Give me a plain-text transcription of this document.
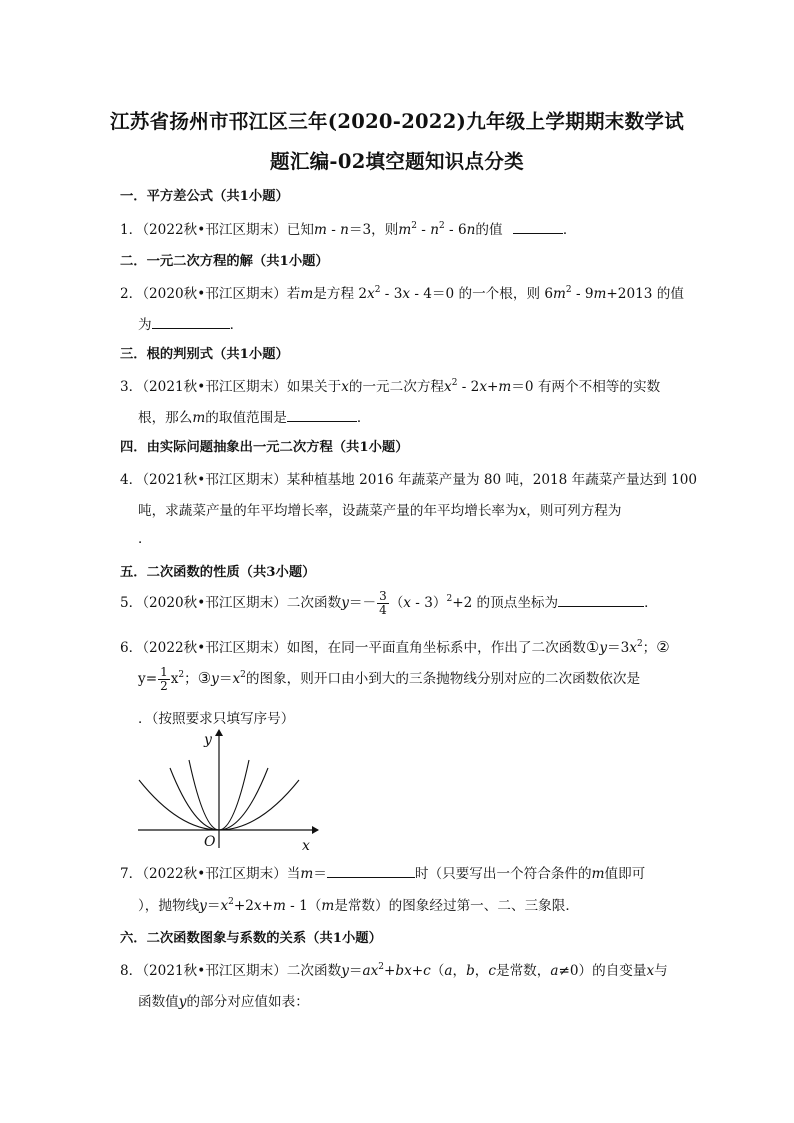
江苏省扬州市邗江区三年(2020-2022)九年级上学期期末数学试
题汇编-02填空题知识点分类
一．平方差公式（共1小题）
1．（2022秋•邗江区期末）已知m - n＝3，则$m^2 - n^2 - 6n$的值	．
二．一元二次方程的解（共1小题）
2．（2020秋•邗江区期末）若m是方程 $2x^2 - 3x - 4=0$ 的一个根，则 $6m^2 - 9m+2013$ 的值
为	．
三．根的判别式（共1小题）
3．（2021秋•邗江区期末）如果关于x的一元二次方程$x^2 - 2x+m=0$ 有两个不相等的实数
根，那么m的取值范围是	．
四．由实际问题抽象出一元二次方程（共1小题）
4．（2021秋•邗江区期末）某种植基地 2016 年蔬菜产量为 80 吨，2018 年蔬菜产量达到 100
吨，求蔬菜产量的年平均增长率，设蔬菜产量的年平均增长率为x，则可列方程为
．
五．二次函数的性质（共3小题）
5．（2020秋•邗江区期末）二次函数$y=- \frac{3}{4} (x - 3)^2+2$ 的顶点坐标为	．
6．（2022秋•邗江区期末）如图，在同一平面直角坐标系中，作出了二次函数$①y=3x^2$；②
$y= \frac{1}{2} x^2$；$③y=x^2$的图象，则开口由小到大的三条抛物线分别对应的二次函数依次是
．（按照要求只填写序号）
y
x
O
7．（2022秋•邗江区期末）当m＝	时（只要写出一个符合条件的m值即可
），抛物线$y=x^2+2x+m - 1(m$是常数）的图象经过第一、二、三象限．
六．二次函数图象与系数的关系（共1小题）
8．（2021秋•邗江区期末）二次函数$y=ax^2+bx+c(a$，b，c是常数，a≠0）的自变量x与
函数值y的部分对应值如表：
